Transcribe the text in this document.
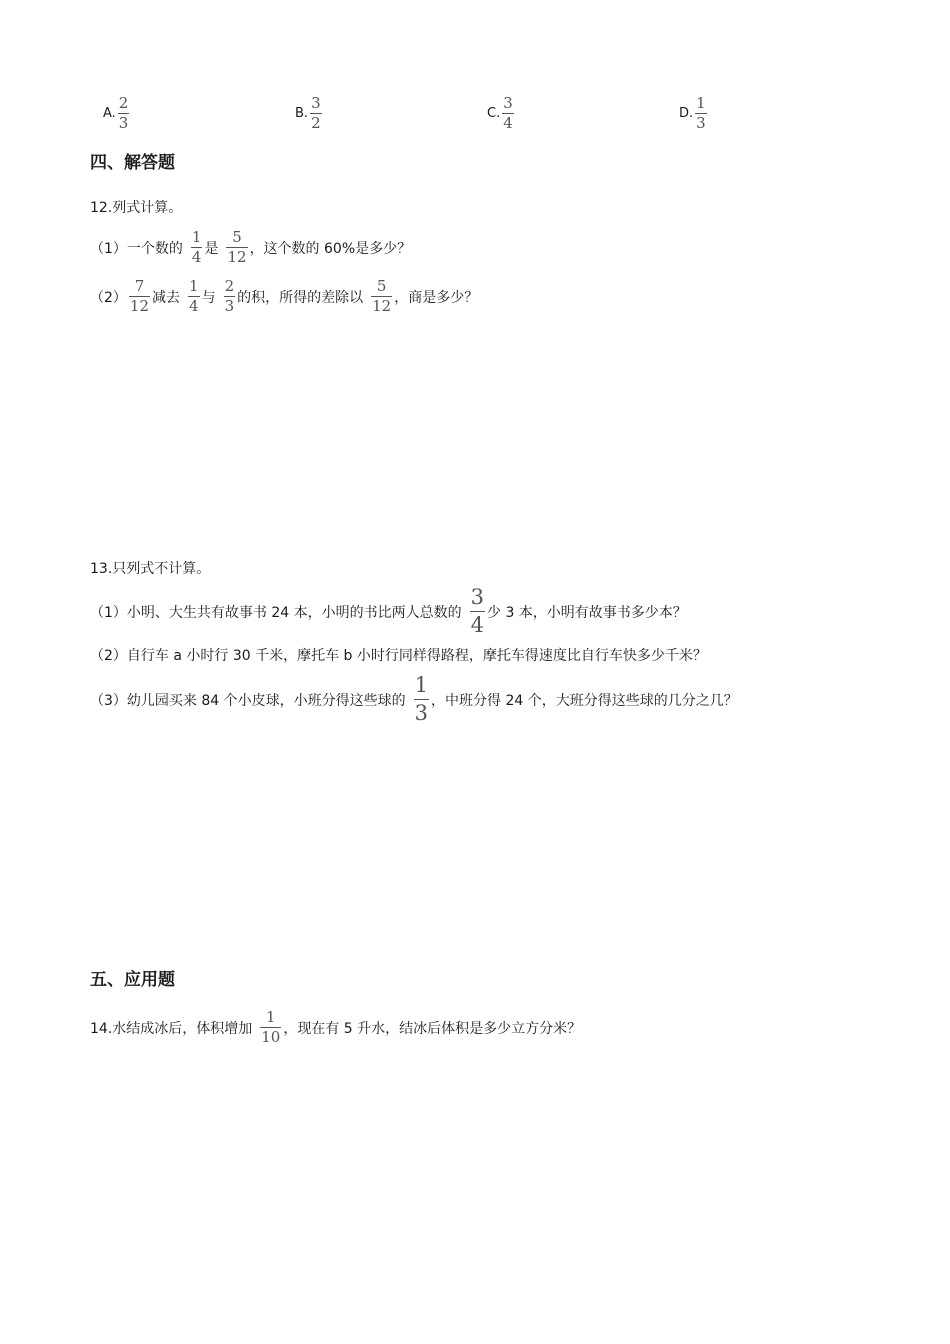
A. $\frac{2}{3}$	B. $\frac{3}{2}$	C. $\frac{3}{4}$	D. $\frac{1}{3}$
四、解答题
12.列式计算。
（1）一个数的 $\frac{1}{4}$ 是 $\frac{5}{12}$ ，这个数的 60%是多少？
$(2) \frac{7}{12}$ 减去 $\frac{1}{4}$ 与 $\frac{2}{3}$ 的积，所得的差除以 $\frac{5}{12}$ ，商是多少？
13.只列式不计算。
（1）小明、大生共有故事书 24 本，小明的书比两人总数的 $\frac{3}{4}$ 少 3 本，小明有故事书多少本？
（2）自行车 a 小时行 30 千米，摩托车 b 小时行同样得路程，摩托车得速度比自行车快多少千米？
（3）幼儿园买来 84 个小皮球，小班分得这些球的 $\frac{1}{3}$ ，中班分得 24 个，大班分得这些球的几分之几？
五、应用题
14.水结成冰后，体积增加 $\frac{1}{10}$ ，现在有 5 升水，结冰后体积是多少立方分米？
